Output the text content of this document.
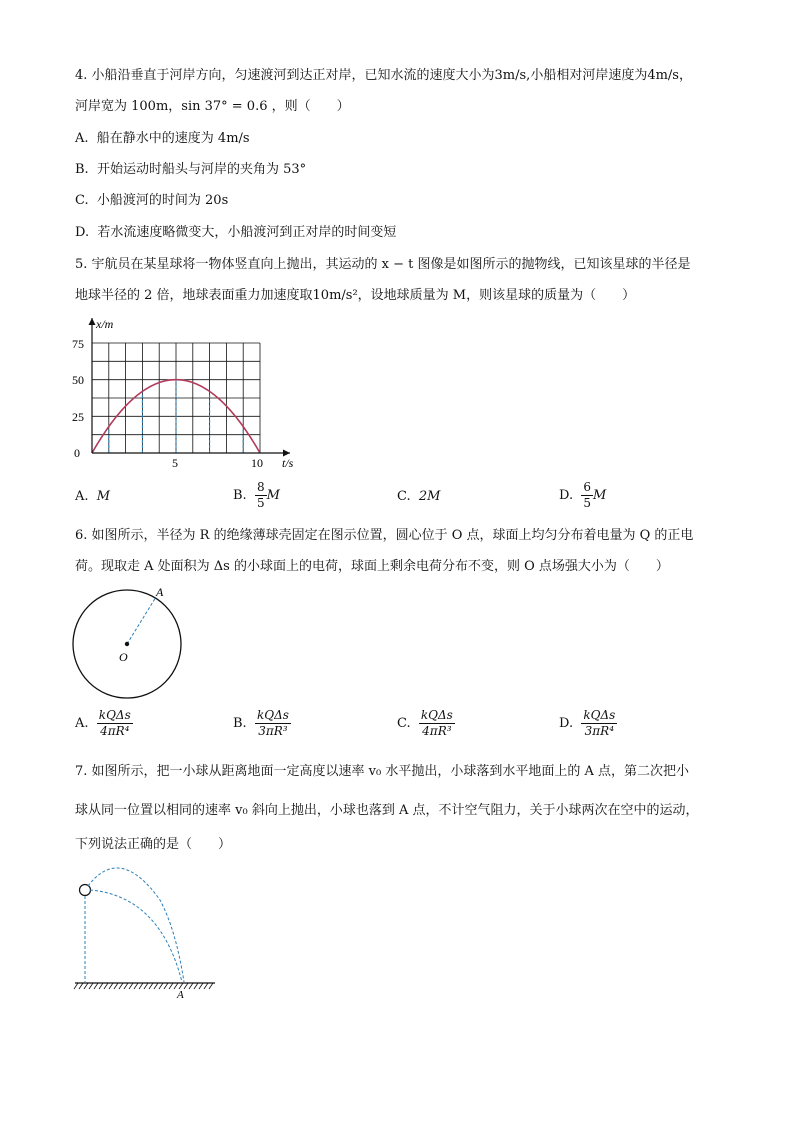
4. 小船沿垂直于河岸方向，匀速渡河到达正对岸，已知水流的速度大小为3m/s,小船相对河岸速度为4m/s，
河岸宽为 100m，sin 37° = 0.6 ，则（　　）
A. 船在静水中的速度为 4m/s
B. 开始运动时船头与河岸的夹角为 53°
C. 小船渡河的时间为 20s
D. 若水流速度略微变大，小船渡河到正对岸的时间变短
5. 宇航员在某星球将一物体竖直向上抛出，其运动的 x − t 图像是如图所示的抛物线，已知该星球的半径是
地球半径的 2 倍，地球表面重力加速度取10m/s²，设地球质量为 M，则该星球的质量为（　　）
x/m
t/s
0
25
50
75
5	10
A. M	B. $\frac{8}{5}$ M	C. 2M	D. $\frac{6}{5}$ M
6. 如图所示，半径为 R 的绝缘薄球壳固定在图示位置，圆心位于 O 点，球面上均匀分布着电量为 Q 的正电
荷。现取走 A 处面积为 Δs 的小球面上的电荷，球面上剩余电荷分布不变，则 O 点场强大小为（　　）
A
O
A. $\frac{\text{kQΔs}}{\text{4πR⁴}}$	B. $\frac{\text{kQΔs}}{\text{3πR³}}$	C. $\frac{\text{kQΔs}}{\text{4πR³}}$	D. $\frac{\text{kQΔs}}{\text{3πR⁴}}$
7. 如图所示，把一小球从距离地面一定高度以速率 v₀ 水平抛出，小球落到水平地面上的 A 点，第二次把小
球从同一位置以相同的速率 v₀ 斜向上抛出，小球也落到 A 点，不计空气阻力，关于小球两次在空中的运动，
下列说法正确的是（　　）
A
